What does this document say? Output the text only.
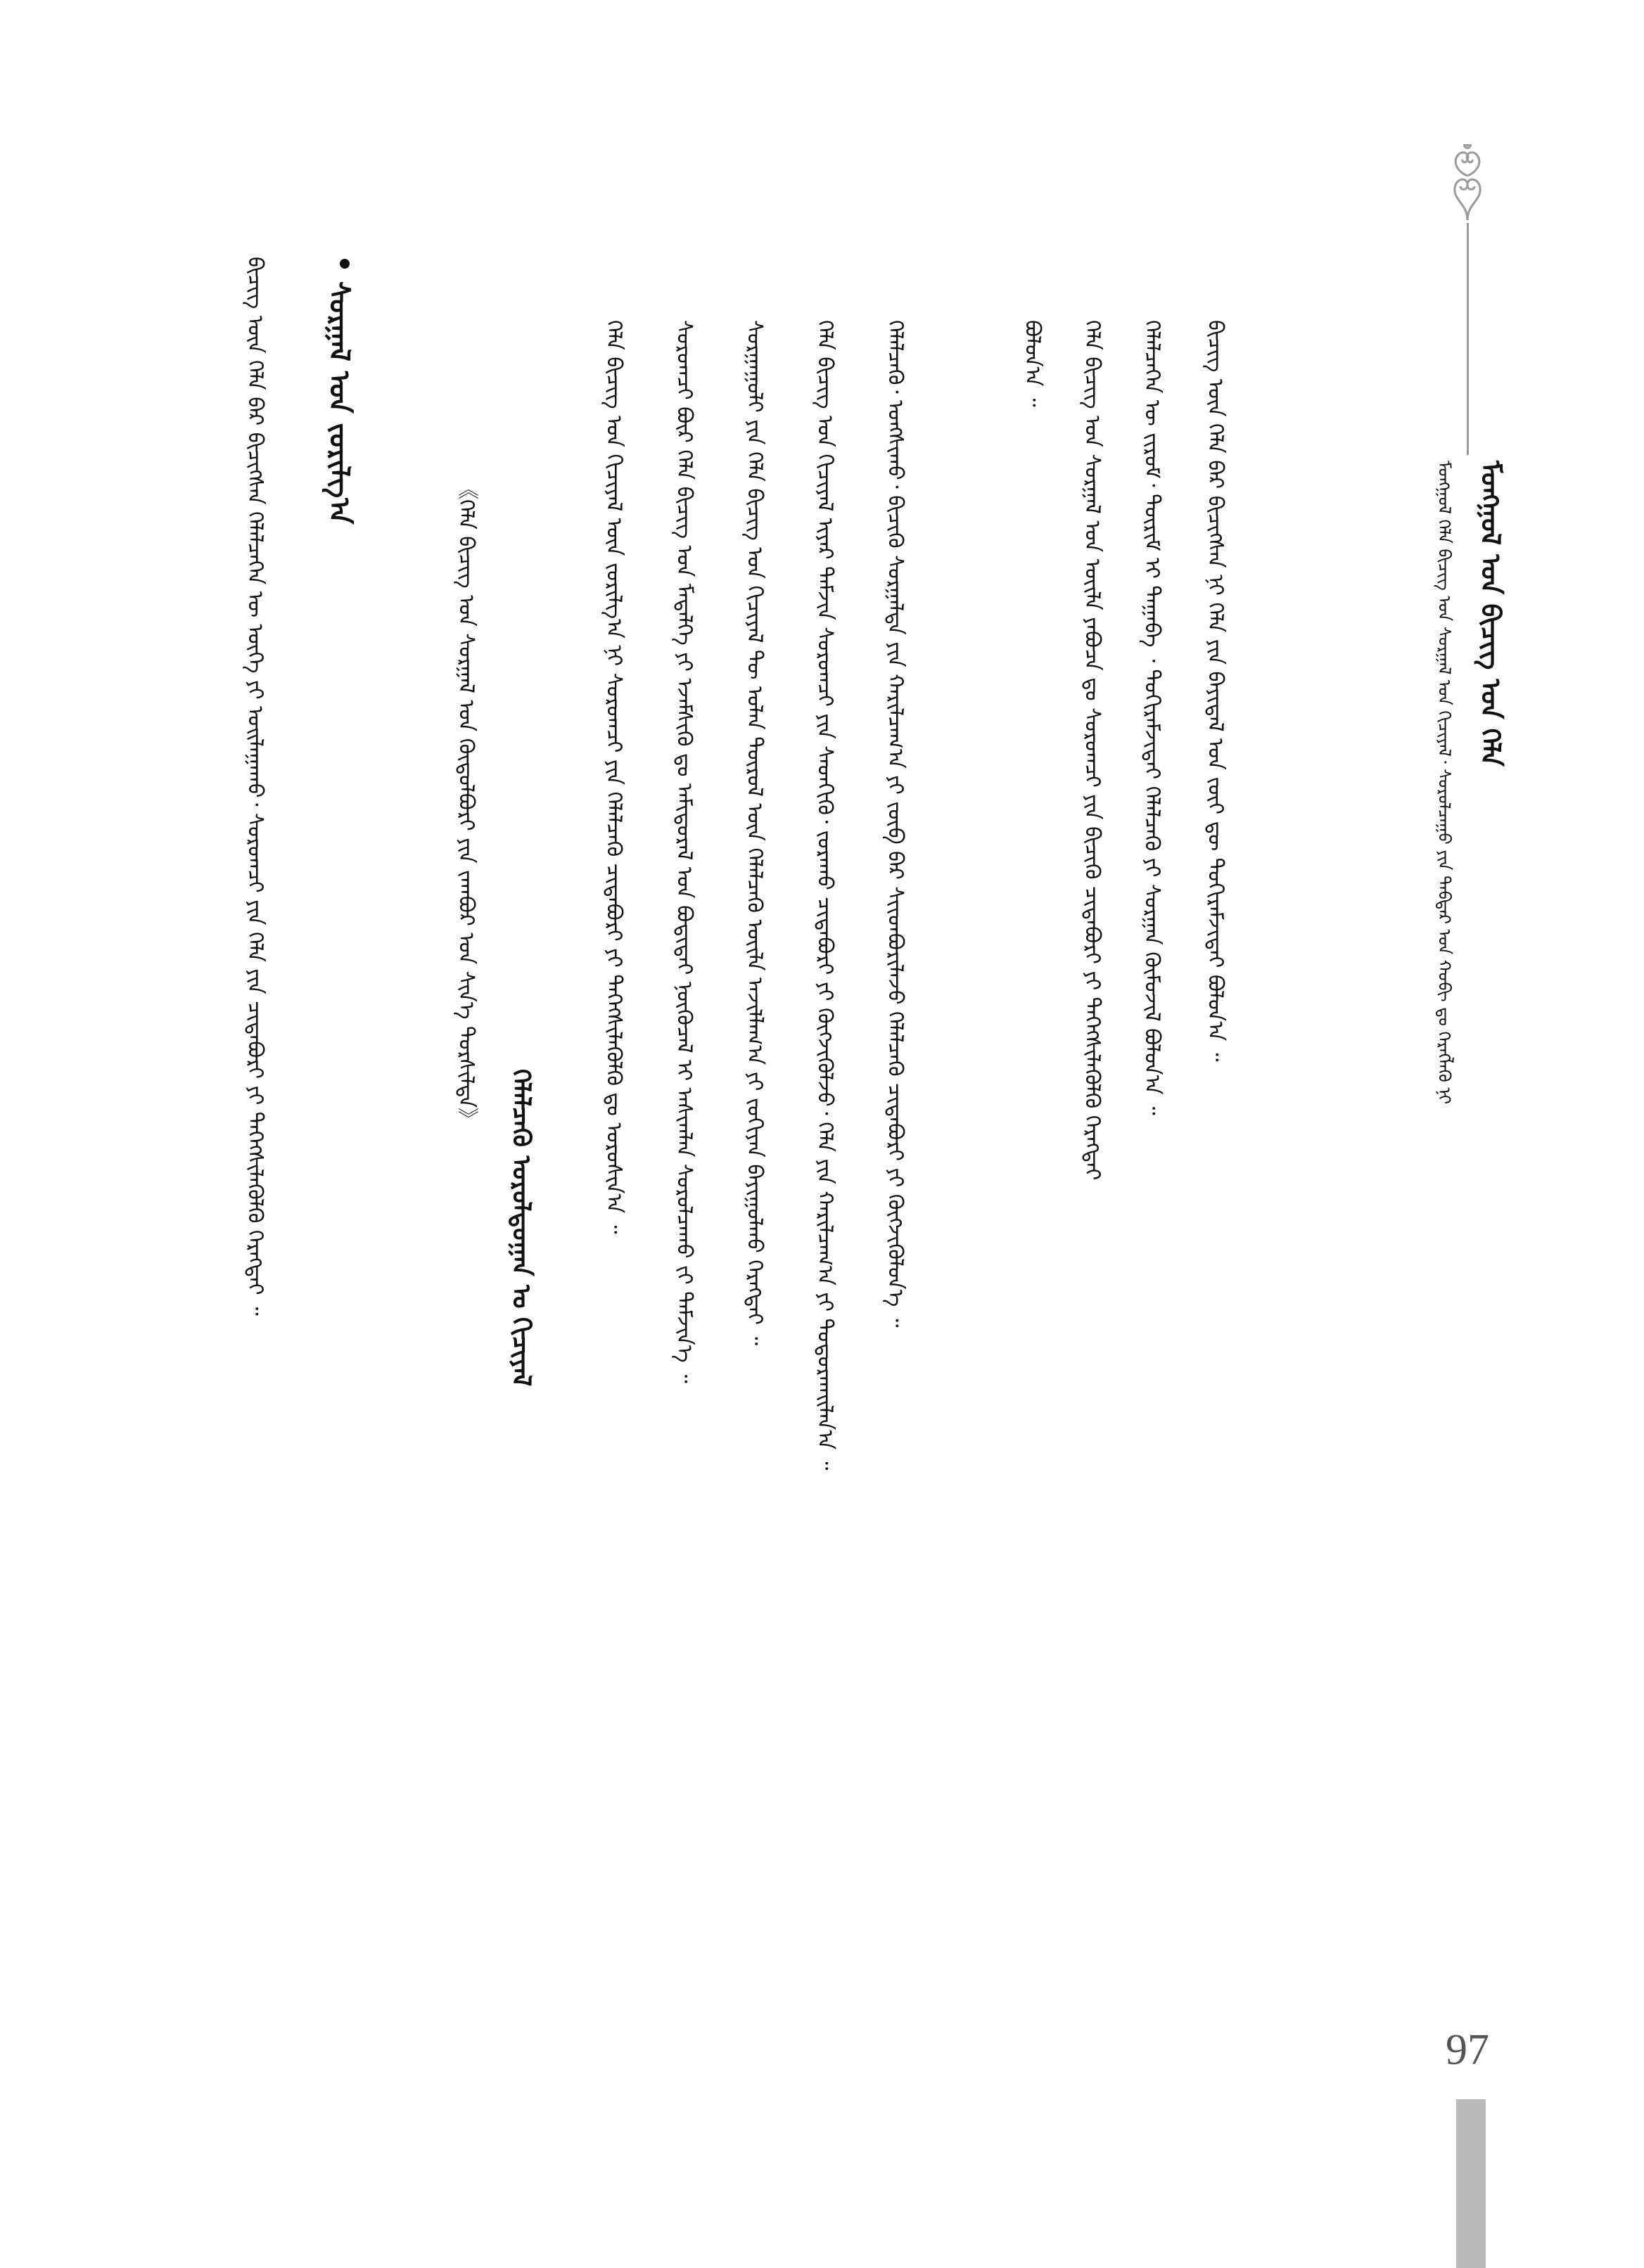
ᠮᠣᠩᠭᠣᠯ ᠤᠨ ᠪᠢᠴᠢᠭ ᠤᠨ ᠬᠡᠯᠡ
ᠮᠣᠩᠭᠣᠯ ᠬᠡᠯᠡ ᠪᠢᠴᠢᠭ ᠤᠨ ᠰᠤᠷᠭᠠᠯ ᠤᠨ ᠬᠢᠴᠢᠶᠡᠯ᠂ ᠰᠤᠷᠤᠯᠴᠠᠭᠤ ᠶᠢᠨ ᠳᠡᠪᠲᠡᠷ ᠤᠨ ᠬᠤᠪᠢ ᠳᠤ ᠬᠡᠷᠡᠭᠯᠡᠬᠦ ᠨᠢ
ᠪᠢᠴᠢᠭ ᠦᠨ ᠬᠡᠯᠡ ᠪᠡᠷ ᠪᠢᠴᠢᠭᠰᠡᠨ ᠨᠢ ᠬᠡᠯᠡ ᠶᠢᠨ ᠪᠠᠶᠢᠳᠠᠯ ᠤᠨ ᠵᠦᠢ ᠳᠦ ᠲᠣᠬᠢᠷᠠᠮᠵᠢᠲᠠᠢ ᠪᠣᠯᠤᠨ᠎ᠠ ᠃
ᠬᠡᠯᠡᠯᠴᠡᠭᠡᠨ ᠦ ᠵᠢᠷᠤᠮ᠂ ᠳᠦᠷᠢᠮ ᠢ ᠳᠠᠭᠠᠪᠠ ᠂ ᠲᠣᠬᠢᠷᠠᠮᠵᠢᠲᠠᠢ ᠬᠡᠯᠡᠯᠴᠡᠬᠦ ᠶᠢ ᠰᠤᠷᠭᠠᠨ ᠬᠥᠮᠦᠵᠢᠯ ᠪᠣᠯᠤᠨ᠎ᠠ ᠃
ᠬᠡᠯᠡ ᠪᠢᠴᠢᠭ ᠤᠨ ᠰᠤᠷᠭᠠᠯ ᠤᠨ ᠦᠢᠯᠡ ᠶᠠᠪᠤᠴᠠ ᠳᠤ ᠰᠤᠷᠤᠭᠴᠢ ᠶᠢᠨ ᠪᠢᠴᠢᠬᠦ ᠴᠢᠳᠠᠪᠤᠷᠢ ᠶᠢ ᠳᠡᠭᠡᠭᠰᠢᠯᠡᠭᠦᠯᠬᠦ ᠬᠡᠷᠡᠭᠲᠡᠢ
ᠪᠣᠯᠤᠨ᠎ᠠ ᠃
ᠬᠡᠯᠡᠯᠴᠡᠬᠦ᠂ ᠤᠩᠰᠢᠬᠤ᠂ ᠪᠢᠴᠢᠬᠦ ᠰᠤᠷᠭᠠᠯᠳᠠ ᠶᠢᠨ ᠬᠠᠷᠢᠯᠴᠠᠭ᠎ᠠ ᠶᠢ ᠵᠦᠪ ᠪᠠᠷ ᠰᠢᠢᠳᠪᠦᠷᠢᠯᠡᠵᠦ ᠬᠡᠯᠡᠯᠴᠡᠬᠦ ᠴᠢᠳᠠᠪᠤᠷᠢ ᠶᠢ ᠬᠥᠭᠵᠢᠭᠦᠯᠦᠨ᠎ᠡ ᠃
ᠬᠡᠯᠡ ᠪᠢᠴᠢᠭ ᠤᠨ ᠬᠢᠴᠢᠶᠡᠯ ᠢᠶᠡᠷ ᠳᠠᠮᠵᠢᠨ ᠰᠤᠷᠤᠭᠴᠢ ᠶᠢᠨ ᠰᠡᠳᠬᠢᠬᠦ᠂ ᠵᠤᠷᠠᠬᠤ ᠴᠢᠳᠠᠪᠤᠷᠢ ᠶᠢ ᠬᠥᠭᠵᠢᠭᠦᠯᠵᠦ᠂ ᠬᠡᠯᠡ ᠶᠢᠨ ᠬᠠᠷᠢᠯᠴᠠᠭ᠎ᠠ ᠶᠢ ᠲᠣᠳᠤᠷᠬᠠᠢᠯᠠᠨ᠎ᠠ ᠃
ᠰᠤᠷᠭᠠᠭᠤᠯᠢ ᠶᠢᠨ ᠬᠡᠯᠡ ᠪᠢᠴᠢᠭ ᠤᠨ ᠬᠢᠴᠢᠶᠡᠯ ᠲᠦ ᠣᠯᠠᠨ ᠲᠥᠷᠥᠯ ᠦᠨ ᠬᠡᠯᠡᠯᠴᠡᠬᠦ ᠦᠢᠯᠡ ᠠᠵᠢᠯᠯᠠᠭ᠎ᠠ ᠶᠢ ᠵᠣᠬᠢᠶᠠᠨ ᠪᠠᠶᠢᠭᠤᠯᠬᠤ ᠬᠡᠷᠡᠭᠲᠡᠢ ᠃
ᠰᠤᠷᠤᠭᠴᠢ ᠪᠦᠷ ᠬᠡᠯᠡ ᠪᠢᠴᠢᠭ ᠤᠨ ᠮᠡᠳᠡᠯᠭᠡ ᠶᠢ ᠡᠵᠡᠮᠰᠢᠬᠦ ᠳᠤ ᠠᠮᠢᠳᠤᠷᠠᠯ ᠤᠨ ᠪᠣᠳᠢᠳᠠᠢ ᠨᠥᠬᠦᠴᠡᠯ ᠢ ᠠᠰᠢᠭᠯᠠᠨ ᠰᠤᠷᠤᠯᠴᠠᠬᠤ ᠵᠢ ᠳᠡᠮᠵᠢᠨ᠎ᠡ ᠃
ᠬᠡᠯᠡ ᠪᠢᠴᠢᠭ ᠤᠨ ᠬᠢᠴᠢᠶᠡᠯ ᠦᠨ ᠵᠣᠷᠢᠯᠭ᠎ᠠ ᠨᠢ ᠰᠤᠷᠤᠭᠴᠢ ᠶᠢᠨ ᠬᠡᠯᠡᠯᠴᠡᠬᠦ ᠴᠢᠳᠠᠪᠤᠷᠢ ᠶᠢ ᠳᠡᠭᠡᠭᠰᠢᠯᠡᠭᠦᠯᠬᠦ ᠳᠤ ᠣᠷᠣᠰᠢᠨ᠎ᠠ ᠃
ᠬᠡᠯᠡᠯᠴᠡᠬᠦ ᠤᠷᠤᠯᠳᠤᠭᠠᠨ ᠤ ᠬᠢᠴᠢᠶᠡᠯ
《ᠬᠡᠯᠡ ᠪᠢᠴᠢᠭ ᠤᠨ ᠰᠤᠷᠭᠠᠯ ᠤᠨ ᠬᠥᠲᠦᠯᠪᠦᠷᠢ ᠶᠢᠨ ᠵᠠᠭᠪᠤᠷ ᠤᠨ ᠰᠢᠨ᠎ᠡ ᠲᠤᠷᠰᠢᠯᠲᠠ》
ᠰᠤᠷᠭᠠᠯ ᠤᠨ ᠵᠣᠷᠢᠯᠭ᠎ᠠ
ᠪᠢᠴᠢᠭ ᠦᠨ ᠬᠡᠯᠡ ᠪᠡᠷ ᠪᠢᠴᠢᠭᠰᠡᠨ ᠬᠡᠯᠡᠯᠴᠡᠭᠡᠨ ᠦ ᠦᠭᠡ ᠶᠢ ᠣᠢᠯᠠᠭᠠᠬᠤ᠂ ᠰᠤᠷᠤᠭᠴᠢ ᠶᠢᠨ ᠬᠡᠯᠡ ᠶᠢᠨ ᠴᠢᠳᠠᠪᠤᠷᠢ ᠶᠢ ᠳᠡᠭᠡᠭᠰᠢᠯᠡᠭᠦᠯᠬᠦ ᠬᠡᠷᠡᠭᠲᠡᠢ ᠃
97
